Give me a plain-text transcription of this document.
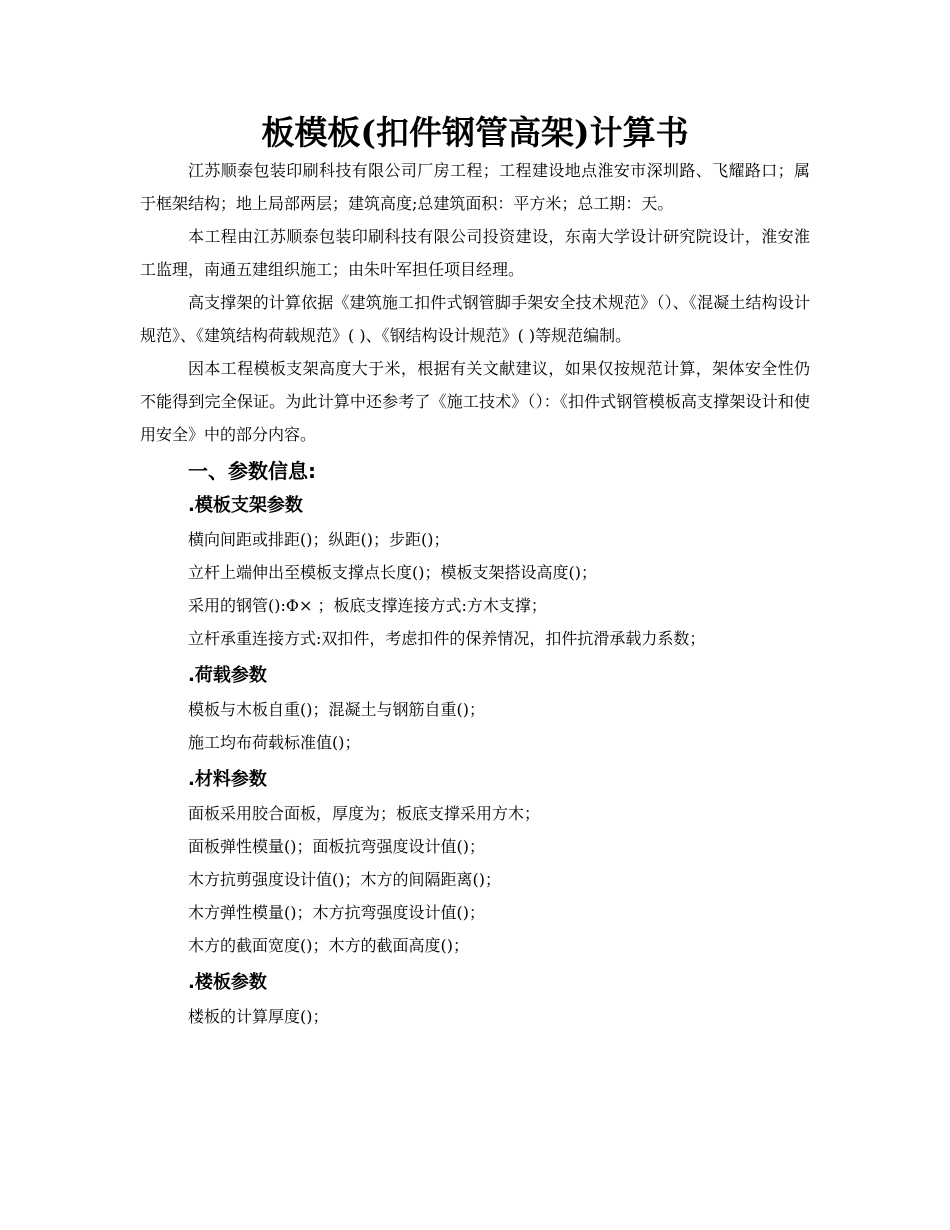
板模板(扣件钢管高架)计算书

江苏顺泰包装印刷科技有限公司厂房工程；工程建设地点淮安市深圳路、飞耀路口；属于框架结构；地上局部两层；建筑高度;总建筑面积：平方米；总工期：天。

本工程由江苏顺泰包装印刷科技有限公司投资建设，东南大学设计研究院设计，淮安淮工监理，南通五建组织施工；由朱叶军担任项目经理。

高支撑架的计算依据《建筑施工扣件式钢管脚手架安全技术规范》（）、《混凝土结构设计规范》、《建筑结构荷载规范》( )、《钢结构设计规范》( )等规范编制。

因本工程模板支架高度大于米，根据有关文献建议，如果仅按规范计算，架体安全性仍不能得到完全保证。为此计算中还参考了《施工技术》（）：《扣件式钢管模板高支撑架设计和使用安全》中的部分内容。

一、参数信息:
.模板支架参数
横向间距或排距()；纵距()；步距()；
立杆上端伸出至模板支撑点长度()；模板支架搭设高度()；
采用的钢管():Φ× ；板底支撑连接方式:方木支撑；
立杆承重连接方式:双扣件，考虑扣件的保养情况，扣件抗滑承载力系数；
.荷载参数
模板与木板自重()；混凝土与钢筋自重()；
施工均布荷载标准值()；
.材料参数
面板采用胶合面板，厚度为；板底支撑采用方木；
面板弹性模量()；面板抗弯强度设计值()；
木方抗剪强度设计值()；木方的间隔距离()；
木方弹性模量()；木方抗弯强度设计值()；
木方的截面宽度()；木方的截面高度()；
.楼板参数
楼板的计算厚度()；
